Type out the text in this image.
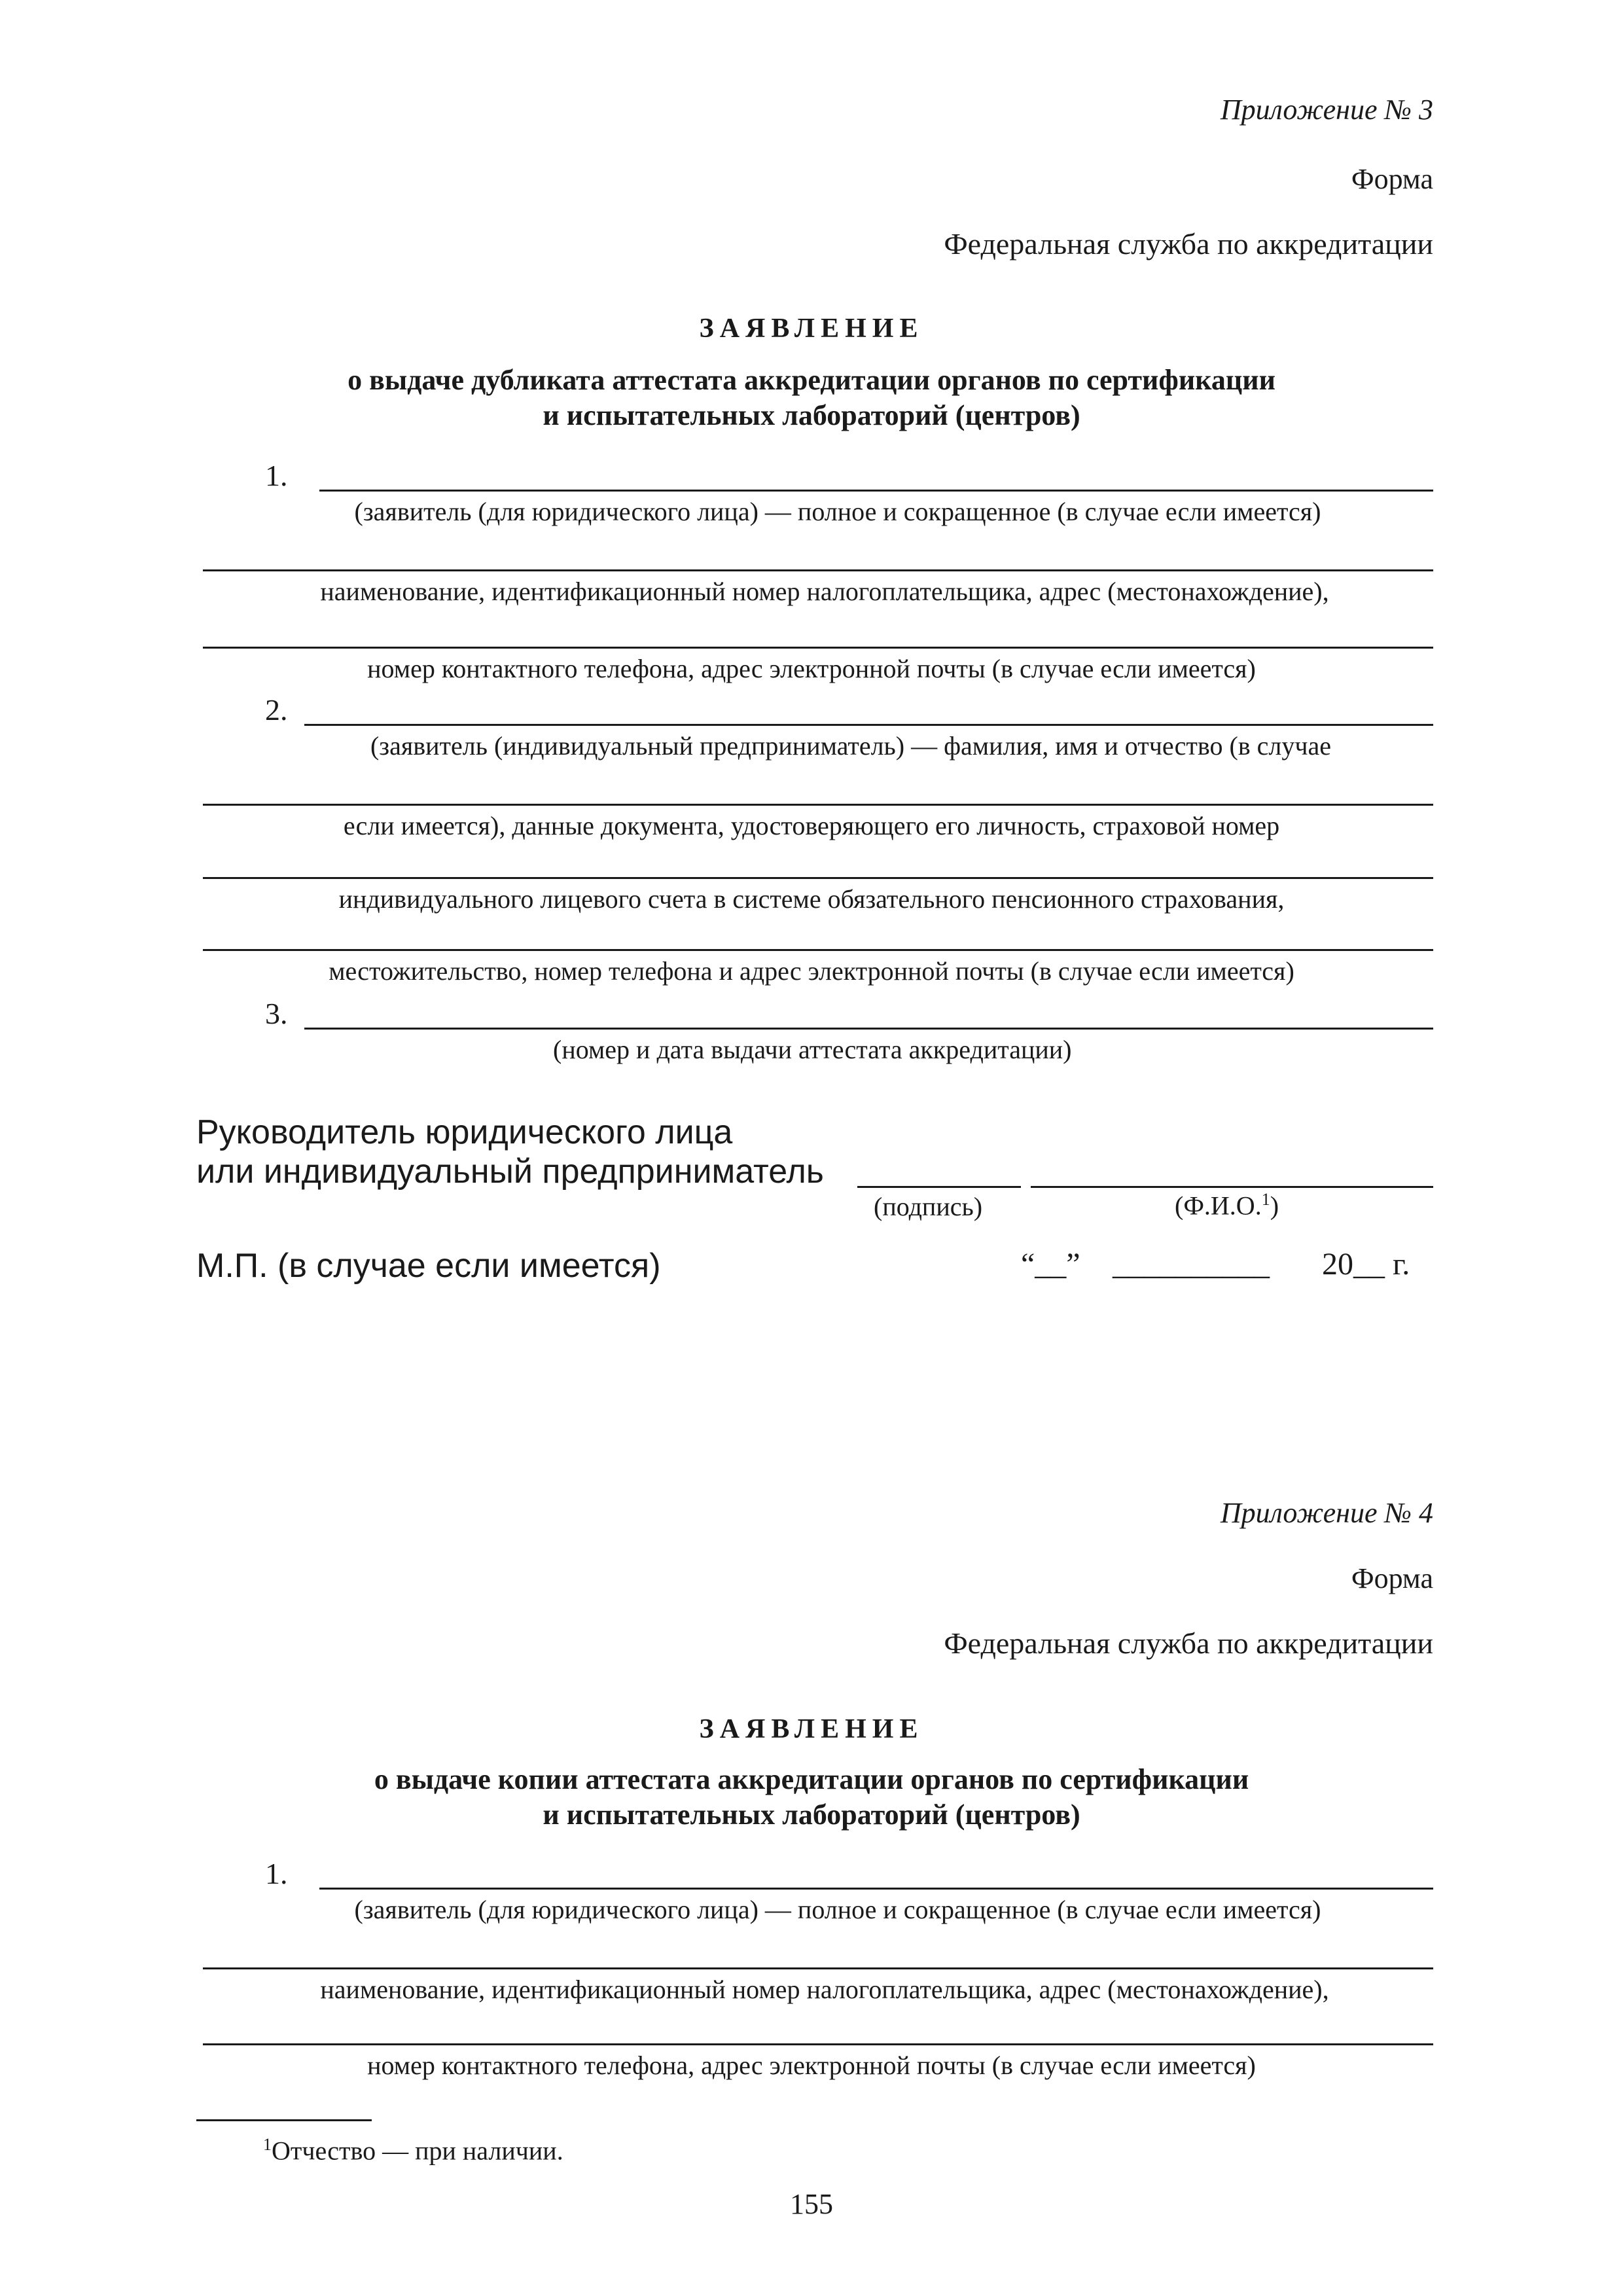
Приложение № 3
Форма
Федеральная служба по аккредитации
ЗАЯВЛЕНИЕ
о выдаче дубликата аттестата аккредитации органов по сертификации
и испытательных лабораторий (центров)
1.
(заявитель (для юридического лица) — полное и сокращенное (в случае если имеется)
наименование, идентификационный номер налогоплательщика, адрес (местонахождение),
номер контактного телефона, адрес электронной почты (в случае если имеется)
2.
(заявитель (индивидуальный предприниматель) — фамилия, имя и отчество (в случае
если имеется), данные документа, удостоверяющего его личность, страховой номер
индивидуального лицевого счета в системе обязательного пенсионного страхования,
местожительство, номер телефона и адрес электронной почты (в случае если имеется)
3.
(номер и дата выдачи аттестата аккредитации)
Руководитель юридического лица
или индивидуальный предприниматель
(подпись)	(Ф.И.О.$^1$)
М.П. (в случае если имеется)	“__” __________ 20__ г.
Приложение № 4
Форма
Федеральная служба по аккредитации
ЗАЯВЛЕНИЕ
о выдаче копии аттестата аккредитации органов по сертификации
и испытательных лабораторий (центров)
1.
(заявитель (для юридического лица) — полное и сокращенное (в случае если имеется)
наименование, идентификационный номер налогоплательщика, адрес (местонахождение),
номер контактного телефона, адрес электронной почты (в случае если имеется)
$^1$Отчество — при наличии.
155
